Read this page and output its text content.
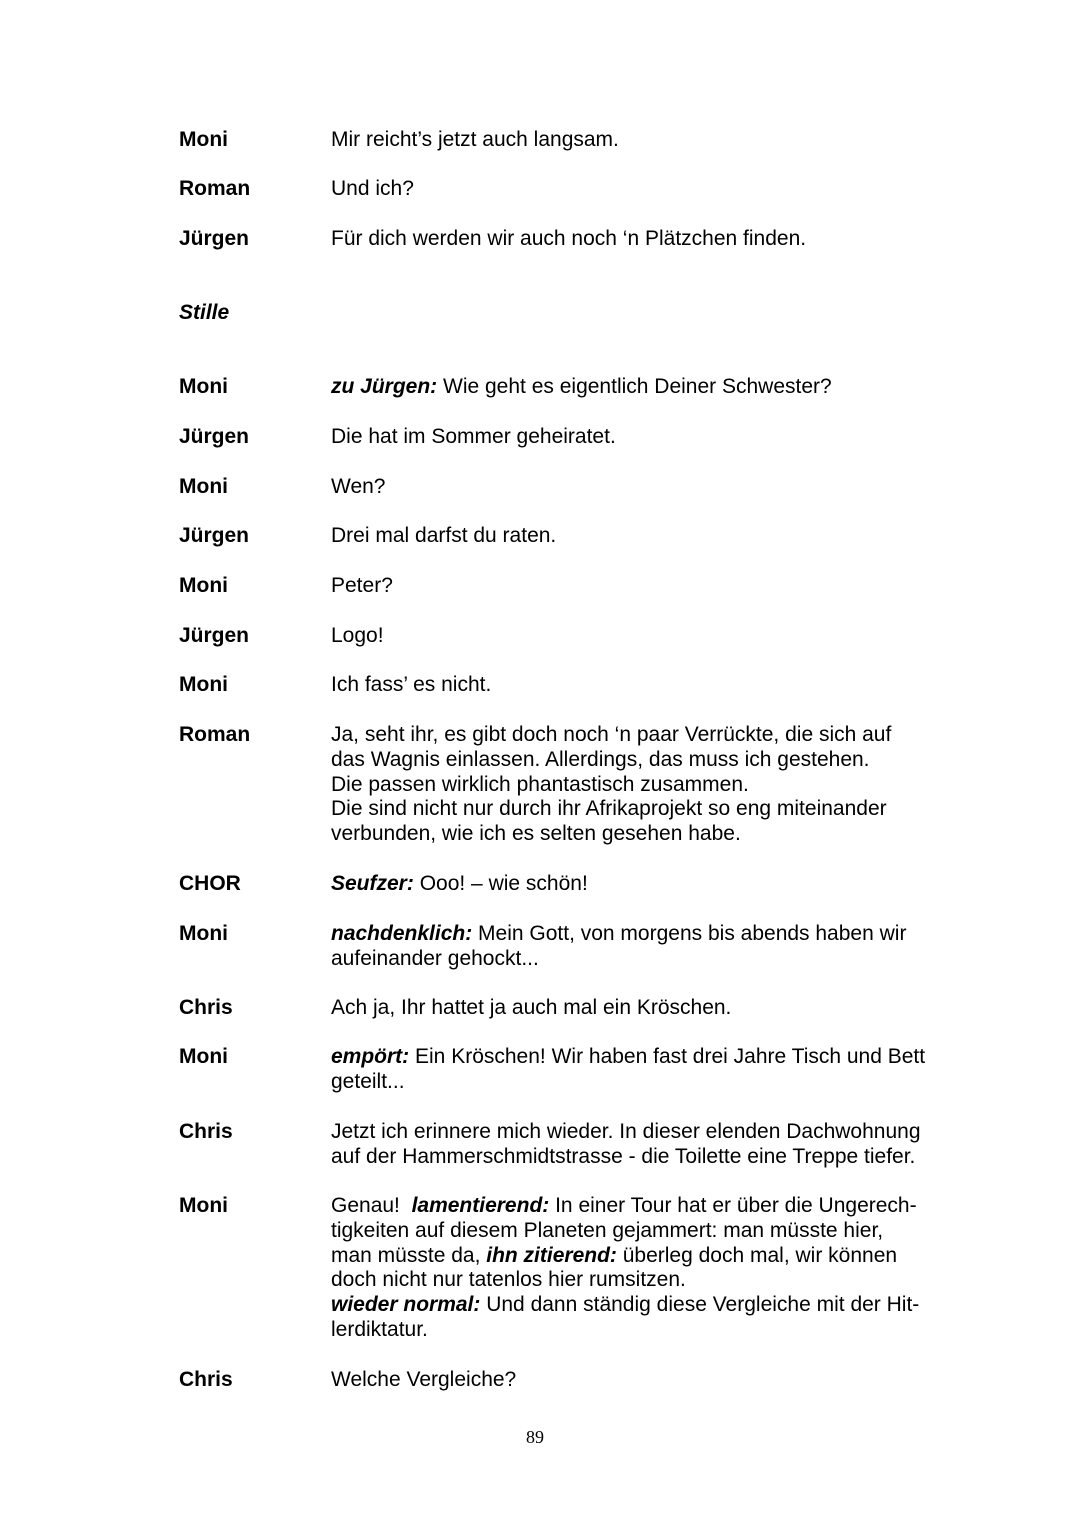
Moni	Mir reicht’s jetzt auch langsam.
Roman	Und ich?
Jürgen	Für dich werden wir auch noch ‘n Plätzchen finden.
Stille
Moni	zu Jürgen: Wie geht es eigentlich Deiner Schwester?
Jürgen	Die hat im Sommer geheiratet.
Moni	Wen?
Jürgen	Drei mal darfst du raten.
Moni	Peter?
Jürgen	Logo!
Moni	Ich fass’ es nicht.
Roman	Ja, seht ihr, es gibt doch noch ‘n paar Verrückte, die sich auf
das Wagnis einlassen. Allerdings, das muss ich gestehen.
Die passen wirklich phantastisch zusammen.
Die sind nicht nur durch ihr Afrikaprojekt so eng miteinander
verbunden, wie ich es selten gesehen habe.
CHOR	Seufzer: Ooo! – wie schön!
Moni	nachdenklich: Mein Gott, von morgens bis abends haben wir
aufeinander gehockt...
Chris	Ach ja, Ihr hattet ja auch mal ein Kröschen.
Moni	empört: Ein Kröschen! Wir haben fast drei Jahre Tisch und Bett
geteilt...
Chris	Jetzt ich erinnere mich wieder. In dieser elenden Dachwohnung
auf der Hammerschmidtstrasse - die Toilette eine Treppe tiefer.
Moni	Genau!  lamentierend: In einer Tour hat er über die Ungerech-
tigkeiten auf diesem Planeten gejammert: man müsste hier,
man müsste da, ihn zitierend: überleg doch mal, wir können
doch nicht nur tatenlos hier rumsitzen.
wieder normal: Und dann ständig diese Vergleiche mit der Hit-
lerdiktatur.
Chris	Welche Vergleiche?
89
